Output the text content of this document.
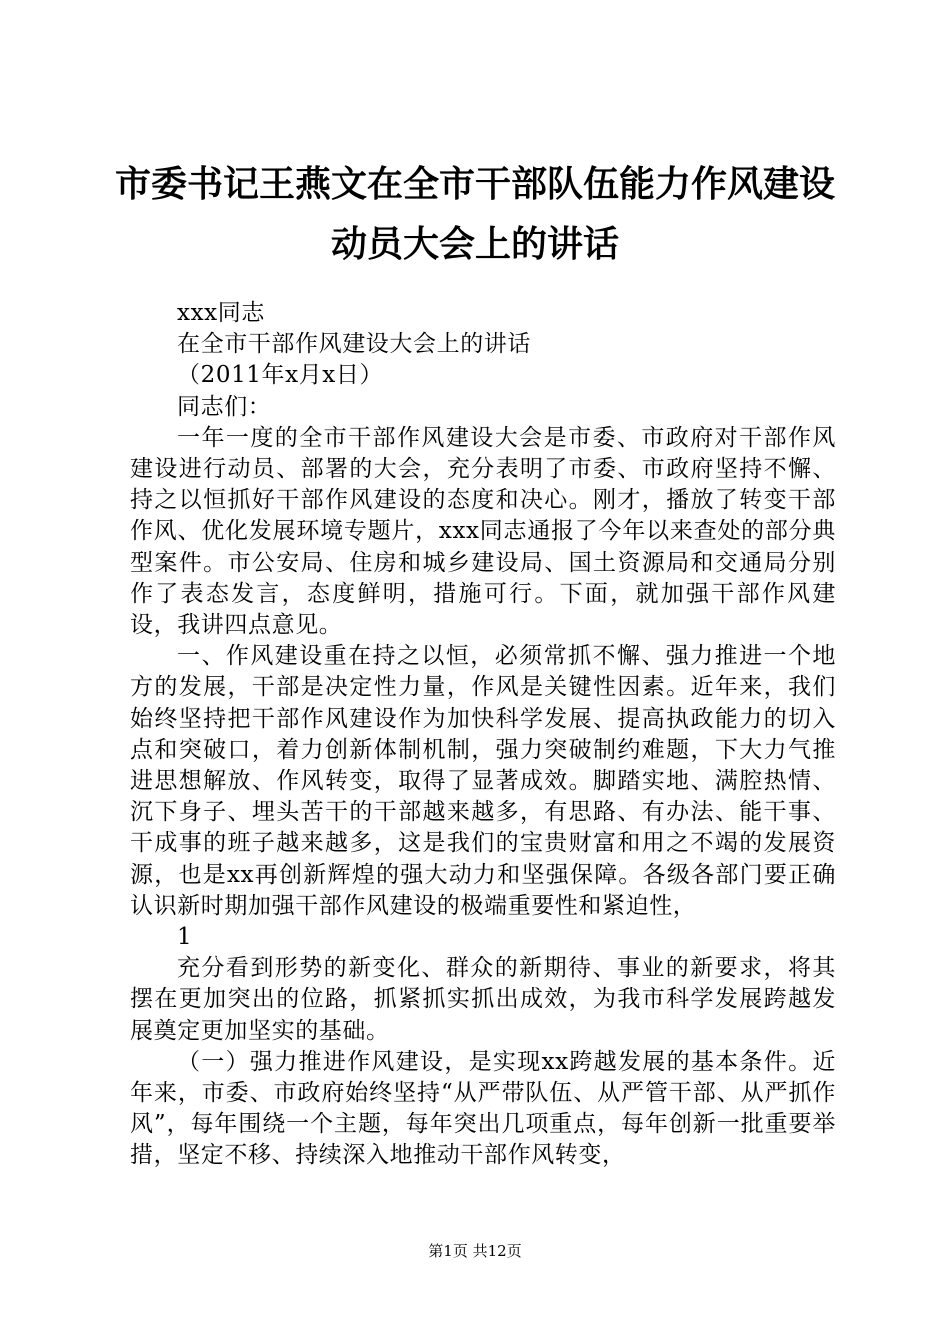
市委书记王燕文在全市干部队伍能力作风建设
动员大会上的讲话

xxx同志

在全市干部作风建设大会上的讲话

（2011年x月x日）

同志们：

一年一度的全市干部作风建设大会是市委、市政府对干部作风建设进行动员、部署的大会，充分表明了市委、市政府坚持不懈、持之以恒抓好干部作风建设的态度和决心。刚才，播放了转变干部作风、优化发展环境专题片，xxx同志通报了今年以来查处的部分典型案件。市公安局、住房和城乡建设局、国土资源局和交通局分别作了表态发言，态度鲜明，措施可行。下面，就加强干部作风建设，我讲四点意见。

一、作风建设重在持之以恒，必须常抓不懈、强力推进一个地方的发展，干部是决定性力量，作风是关键性因素。近年来，我们始终坚持把干部作风建设作为加快科学发展、提高执政能力的切入点和突破口，着力创新体制机制，强力突破制约难题，下大力气推进思想解放、作风转变，取得了显著成效。脚踏实地、满腔热情、沉下身子、埋头苦干的干部越来越多，有思路、有办法、能干事、干成事的班子越来越多，这是我们的宝贵财富和用之不竭的发展资源，也是xx再创新辉煌的强大动力和坚强保障。各级各部门要正确认识新时期加强干部作风建设的极端重要性和紧迫性，

1

充分看到形势的新变化、群众的新期待、事业的新要求，将其摆在更加突出的位路，抓紧抓实抓出成效，为我市科学发展跨越发展奠定更加坚实的基础。

（一）强力推进作风建设，是实现xx跨越发展的基本条件。近年来，市委、市政府始终坚持“从严带队伍、从严管干部、从严抓作风”，每年围绕一个主题，每年突出几项重点，每年创新一批重要举措，坚定不移、持续深入地推动干部作风转变，

第1页 共12页
